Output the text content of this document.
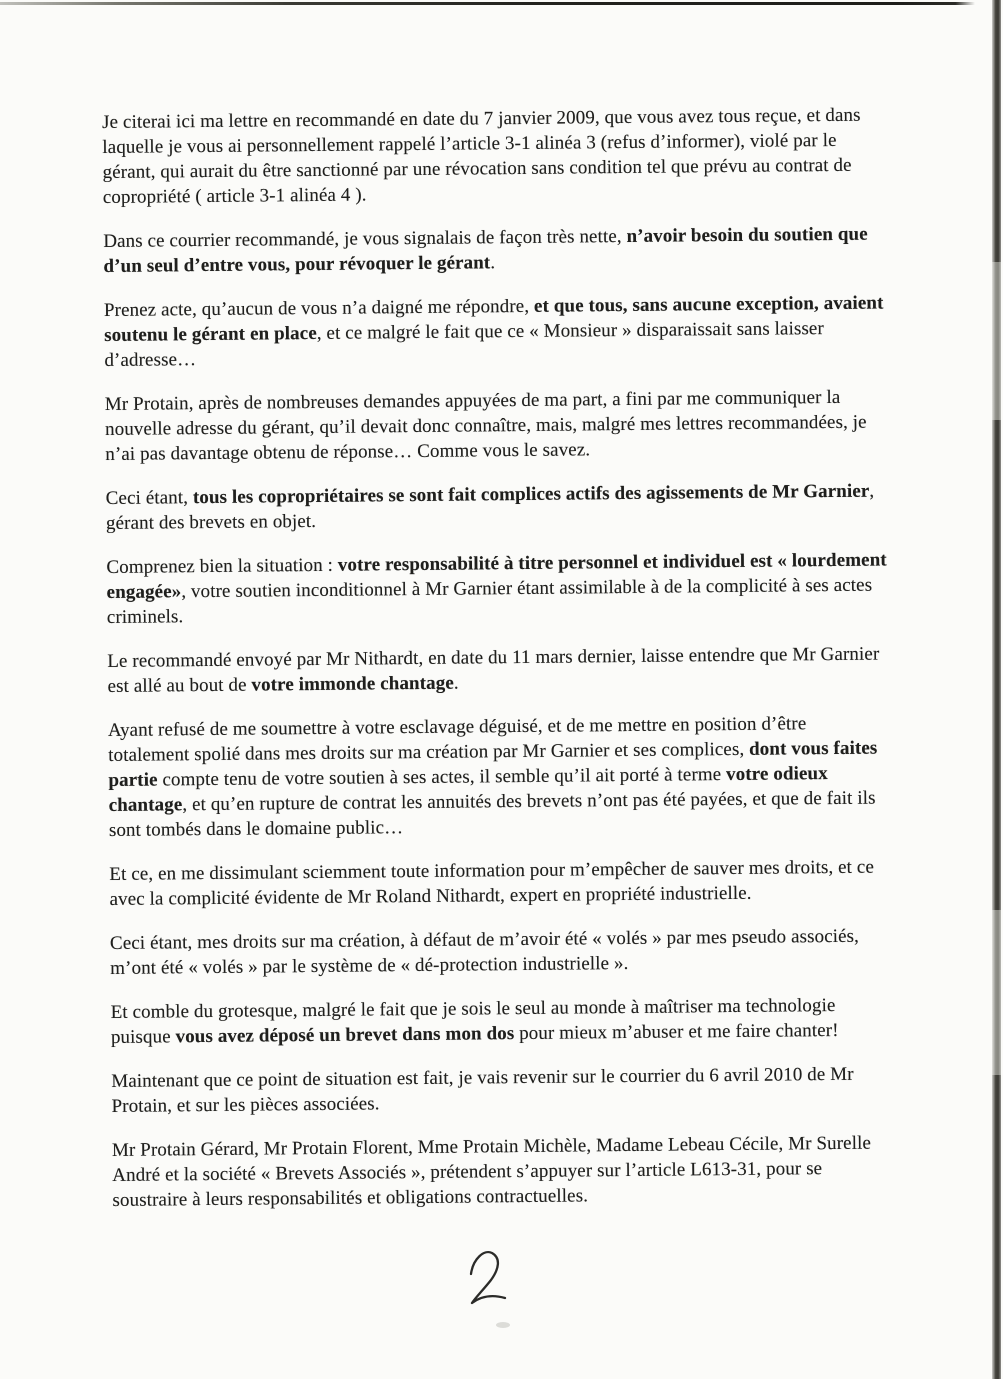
Je citerai ici ma lettre en recommandé en date du 7 janvier 2009, que vous avez tous reçue, et dans laquelle je vous ai personnellement rappelé l’article 3-1 alinéa 3 (refus d’informer), violé par le gérant, qui aurait du être sanctionné par une révocation sans condition tel que prévu au contrat de copropriété ( article 3-1 alinéa 4 ).

Dans ce courrier recommandé, je vous signalais de façon très nette, n’avoir besoin du soutien que d’un seul d’entre vous, pour révoquer le gérant.

Prenez acte, qu’aucun de vous n’a daigné me répondre, et que tous, sans aucune exception, avaient soutenu le gérant en place, et ce malgré le fait que ce « Monsieur » disparaissait sans laisser d’adresse…

Mr Protain, après de nombreuses demandes appuyées de ma part, a fini par me communiquer la nouvelle adresse du gérant, qu’il devait donc connaître, mais, malgré mes lettres recommandées, je n’ai pas davantage obtenu de réponse… Comme vous le savez.

Ceci étant, tous les copropriétaires se sont fait complices actifs des agissements de Mr Garnier, gérant des brevets en objet.

Comprenez bien la situation : votre responsabilité à titre personnel et individuel est « lourdement engagée», votre soutien inconditionnel à Mr Garnier étant assimilable à de la complicité à ses actes criminels.

Le recommandé envoyé par Mr Nithardt, en date du 11 mars dernier, laisse entendre que Mr Garnier est allé au bout de votre immonde chantage.

Ayant refusé de me soumettre à votre esclavage déguisé, et de me mettre en position d’être totalement spolié dans mes droits sur ma création par Mr Garnier et ses complices, dont vous faites partie compte tenu de votre soutien à ses actes, il semble qu’il ait porté à terme votre odieux chantage, et qu’en rupture de contrat les annuités des brevets n’ont pas été payées, et que de fait ils sont tombés dans le domaine public…

Et ce, en me dissimulant sciemment toute information pour m’empêcher de sauver mes droits, et ce avec la complicité évidente de Mr Roland Nithardt, expert en propriété industrielle.

Ceci étant, mes droits sur ma création, à défaut de m’avoir été « volés » par mes pseudo associés, m’ont été « volés » par le système de « dé-protection industrielle ».

Et comble du grotesque, malgré le fait que je sois le seul au monde à maîtriser ma technologie puisque vous avez déposé un brevet dans mon dos pour mieux m’abuser et me faire chanter!

Maintenant que ce point de situation est fait, je vais revenir sur le courrier du 6 avril 2010 de Mr Protain, et sur les pièces associées.

Mr Protain Gérard, Mr Protain Florent, Mme Protain Michèle, Madame Lebeau Cécile, Mr Surelle André et la société « Brevets Associés », prétendent s’appuyer sur l’article L613-31, pour se soustraire à leurs responsabilités et obligations contractuelles.
